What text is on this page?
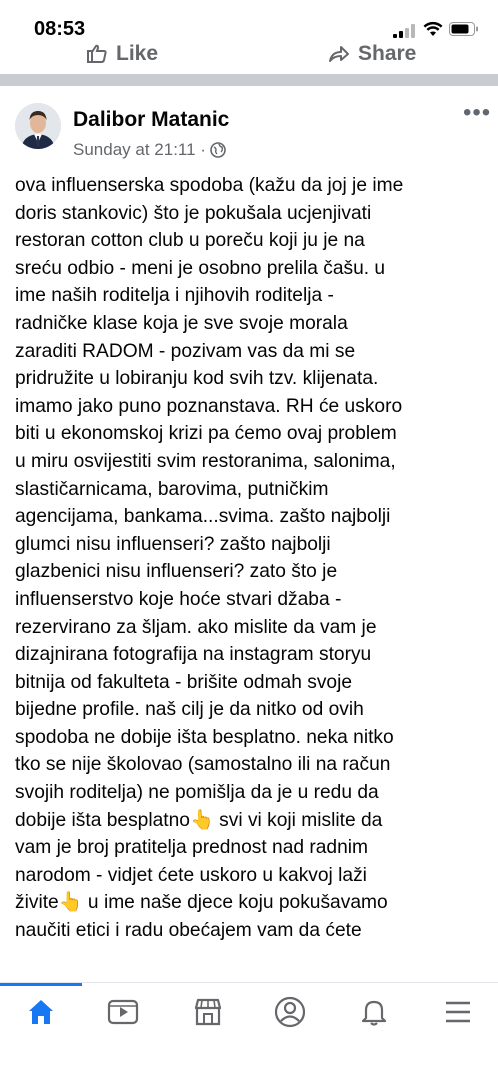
08:53
Like	Share
Dalibor Matanic
Sunday at 21:11 ·
•••
ova influenserska spodoba (kažu da joj je ime
doris stankovic) što je pokušala ucjenjivati
restoran cotton club u poreču koji ju je na
sreću odbio - meni je osobno prelila čašu. u
ime naših roditelja i njihovih roditelja -
radničke klase koja je sve svoje morala
zaraditi RADOM - pozivam vas da mi se
pridružite u lobiranju kod svih tzv. klijenata.
imamo jako puno poznanstava. RH će uskoro
biti u ekonomskoj krizi pa ćemo ovaj problem
u miru osvijestiti svim restoranima, salonima,
slastičarnicama, barovima, putničkim
agencijama, bankama...svima. zašto najbolji
glumci nisu influenseri? zašto najbolji
glazbenici nisu influenseri? zato što je
influenserstvo koje hoće stvari džaba -
rezervirano za šljam. ako mislite da vam je
dizajnirana fotografija na instagram storyu
bitnija od fakulteta - brišite odmah svoje
bijedne profile. naš cilj je da nitko od ovih
spodoba ne dobije išta besplatno. neka nitko
tko se nije školovao (samostalno ili na račun
svojih roditelja) ne pomišlja da je u redu da
dobije išta besplatno👆 svi vi koji mislite da
vam je broj pratitelja prednost nad radnim
narodom - vidjet ćete uskoro u kakvoj laži
živite👆 u ime naše djece koju pokušavamo
naučiti etici i radu obećajem vam da ćete
